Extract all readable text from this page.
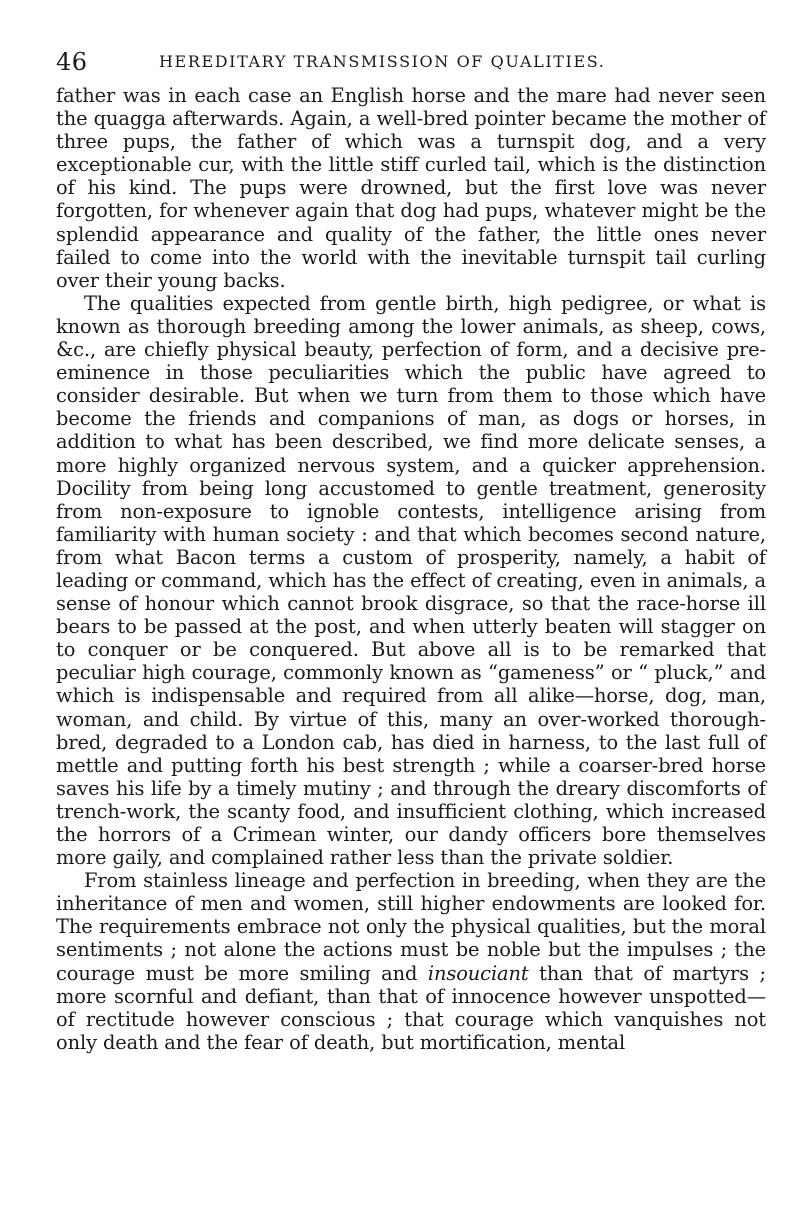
46	HEREDITARY TRANSMISSION OF QUALITIES.

father was in each case an English horse and the mare had never seen the quagga afterwards. Again, a well-bred pointer became the mother of three pups, the father of which was a turnspit dog, and a very exceptionable cur, with the little stiff curled tail, which is the distinction of his kind. The pups were drowned, but the first love was never forgotten, for whenever again that dog had pups, whatever might be the splendid appearance and quality of the father, the little ones never failed to come into the world with the inevitable turnspit tail curling over their young backs.

The qualities expected from gentle birth, high pedigree, or what is known as thorough breeding among the lower animals, as sheep, cows, &c., are chiefly physical beauty, perfection of form, and a decisive pre-eminence in those peculiarities which the public have agreed to consider desirable. But when we turn from them to those which have become the friends and companions of man, as dogs or horses, in addition to what has been described, we find more delicate senses, a more highly organized nervous system, and a quicker apprehension. Docility from being long accustomed to gentle treatment, generosity from non-exposure to ignoble contests, intelligence arising from familiarity with human society : and that which becomes second nature, from what Bacon terms a custom of prosperity, namely, a habit of leading or command, which has the effect of creating, even in animals, a sense of honour which cannot brook disgrace, so that the race-horse ill bears to be passed at the post, and when utterly beaten will stagger on to conquer or be conquered. But above all is to be remarked that peculiar high courage, commonly known as “gameness” or “ pluck,” and which is indispensable and required from all alike—horse, dog, man, woman, and child. By virtue of this, many an over-worked thorough-bred, degraded to a London cab, has died in harness, to the last full of mettle and putting forth his best strength ; while a coarser-bred horse saves his life by a timely mutiny ; and through the dreary discomforts of trench-work, the scanty food, and insufficient clothing, which increased the horrors of a Crimean winter, our dandy officers bore themselves more gaily, and complained rather less than the private soldier.

From stainless lineage and perfection in breeding, when they are the inheritance of men and women, still higher endowments are looked for. The requirements embrace not only the physical qualities, but the moral sentiments ; not alone the actions must be noble but the impulses ; the courage must be more smiling and insouciant than that of martyrs ; more scornful and defiant, than that of innocence however unspotted—of rectitude however conscious ; that courage which vanquishes not only death and the fear of death, but mortification, mental
